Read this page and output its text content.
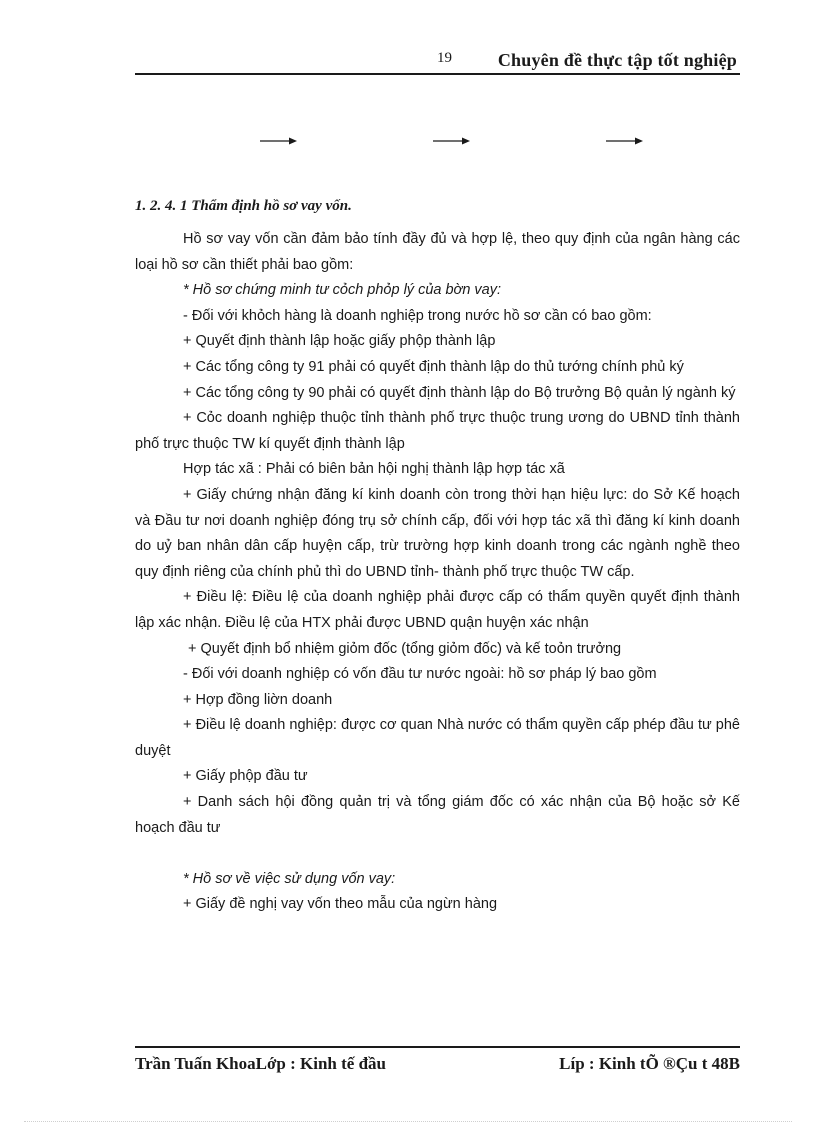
19	Chuyên đề thực tập tốt nghiệp
1. 2. 4. 1 Thẩm định hồ sơ vay vốn.

Hồ sơ vay vốn cần đảm bảo tính đầy đủ và hợp lệ, theo quy định của ngân hàng các loại hồ sơ cần thiết phải bao gồm:

* Hồ sơ chứng minh tư cỏch phỏp lý của bờn vay:

- Đối với khỏch hàng là doanh nghiệp trong nước hồ sơ cần có bao gồm:

+ Quyết định thành lập hoặc giấy phộp thành lập

+ Các tổng công ty 91 phải có quyết định thành lập do thủ tướng chính phủ ký

+ Các tổng công ty 90 phải có quyết định thành lập do Bộ trưởng Bộ quản lý ngành ký

+ Cỏc doanh nghiệp thuộc tỉnh thành phố trực thuộc trung ương do UBND tỉnh thành phố trực thuộc TW kí quyết định thành lập

Hợp tác xã : Phải có biên bản hội nghị thành lập hợp tác xã

+ Giấy chứng nhận đăng kí kinh doanh còn trong thời hạn hiệu lực: do Sở Kế hoạch và Đầu tư nơi doanh nghiệp đóng trụ sở chính cấp, đối với hợp tác xã thì đăng kí kinh doanh do uỷ ban nhân dân cấp huyện cấp, trừ trường hợp kinh doanh trong các ngành nghề theo quy định riêng của chính phủ thì do UBND tỉnh- thành phố trực thuộc TW cấp.

+ Điều lệ: Điều lệ của doanh nghiệp phải được cấp có thẩm quyền quyết định thành lập xác nhận. Điều lệ của HTX phải được UBND quận huyện xác nhận

+ Quyết định bổ nhiệm giỏm đốc (tổng giỏm đốc) và kế toỏn trưởng

- Đối với doanh nghiệp có vốn đầu tư nước ngoài: hồ sơ pháp lý bao gồm

+ Hợp đồng liờn doanh

+ Điều lệ doanh nghiệp: được cơ quan Nhà nước có thẩm quyền cấp phép đầu tư phê duyệt

+ Giấy phộp đầu tư

+ Danh sách hội đồng quản trị và tổng giám đốc có xác nhận của Bộ hoặc sở Kế hoạch đầu tư

* Hồ sơ về việc sử dụng vốn vay:

+ Giấy đề nghị vay vốn theo mẫu của ngừn hàng

Trần Tuấn KhoaLớp : Kinh tế đầu	Líp : Kinh tÕ ®Çu t 48B
